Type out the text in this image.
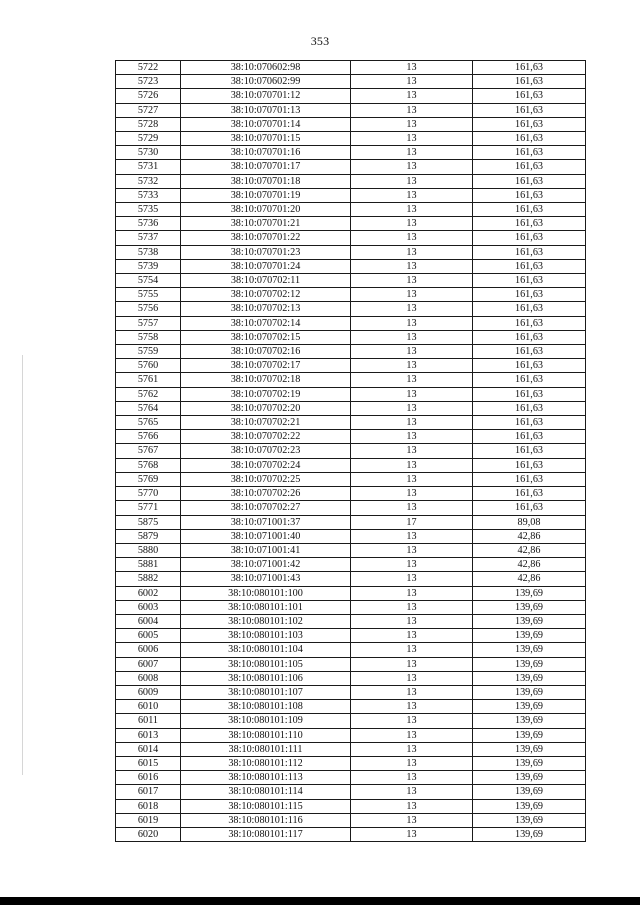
353
5722	38:10:070602:98	13	161,63
5723	38:10:070602:99	13	161,63
5726	38:10:070701:12	13	161,63
5727	38:10:070701:13	13	161,63
5728	38:10:070701:14	13	161,63
5729	38:10:070701:15	13	161,63
5730	38:10:070701:16	13	161,63
5731	38:10:070701:17	13	161,63
5732	38:10:070701:18	13	161,63
5733	38:10:070701:19	13	161,63
5735	38:10:070701:20	13	161,63
5736	38:10:070701:21	13	161,63
5737	38:10:070701:22	13	161,63
5738	38:10:070701:23	13	161,63
5739	38:10:070701:24	13	161,63
5754	38:10:070702:11	13	161,63
5755	38:10:070702:12	13	161,63
5756	38:10:070702:13	13	161,63
5757	38:10:070702:14	13	161,63
5758	38:10:070702:15	13	161,63
5759	38:10:070702:16	13	161,63
5760	38:10:070702:17	13	161,63
5761	38:10:070702:18	13	161,63
5762	38:10:070702:19	13	161,63
5764	38:10:070702:20	13	161,63
5765	38:10:070702:21	13	161,63
5766	38:10:070702:22	13	161,63
5767	38:10:070702:23	13	161,63
5768	38:10:070702:24	13	161,63
5769	38:10:070702:25	13	161,63
5770	38:10:070702:26	13	161,63
5771	38:10:070702:27	13	161,63
5875	38:10:071001:37	17	89,08
5879	38:10:071001:40	13	42,86
5880	38:10:071001:41	13	42,86
5881	38:10:071001:42	13	42,86
5882	38:10:071001:43	13	42,86
6002	38:10:080101:100	13	139,69
6003	38:10:080101:101	13	139,69
6004	38:10:080101:102	13	139,69
6005	38:10:080101:103	13	139,69
6006	38:10:080101:104	13	139,69
6007	38:10:080101:105	13	139,69
6008	38:10:080101:106	13	139,69
6009	38:10:080101:107	13	139,69
6010	38:10:080101:108	13	139,69
6011	38:10:080101:109	13	139,69
6013	38:10:080101:110	13	139,69
6014	38:10:080101:111	13	139,69
6015	38:10:080101:112	13	139,69
6016	38:10:080101:113	13	139,69
6017	38:10:080101:114	13	139,69
6018	38:10:080101:115	13	139,69
6019	38:10:080101:116	13	139,69
6020	38:10:080101:117	13	139,69
